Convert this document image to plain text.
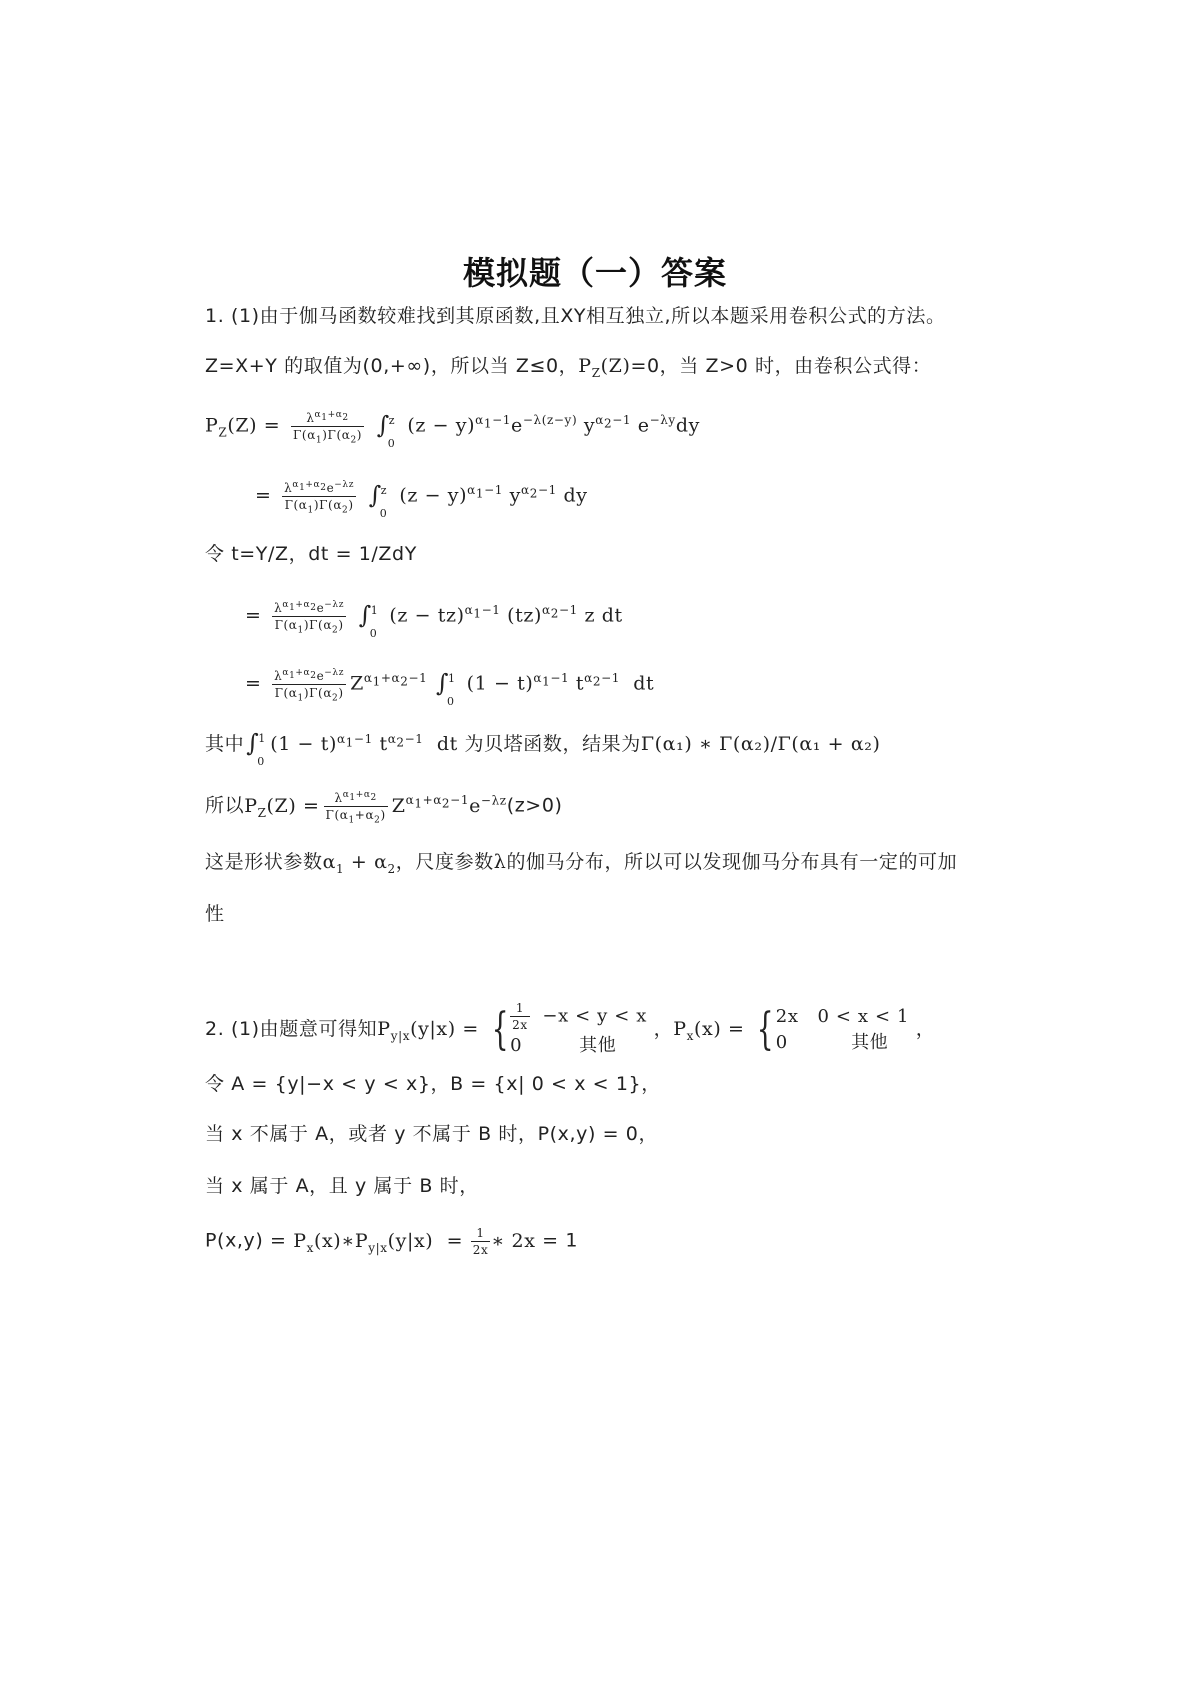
模拟题（一）答案
1. (1)由于伽马函数较难找到其原函数,且XY相互独立,所以本题采用卷积公式的方法。
Z=X+Y 的取值为(0,+∞)，所以当 Z≤0，$P_Z(Z)=0$，当 Z>0 时，由卷积公式得：
$P_Z(Z) = \frac{\lambda^{\alpha_1+\alpha_2}}{\Gamma(\alpha_1)\Gamma(\alpha_2)}$
∫
z
0
$(z - y)^{\alpha_1-1}e^{-\lambda(z-y)}$ $y^{\alpha_2-1}$ $e^{-\lambda y}dy$
= $\frac{\lambda^{\alpha_1+\alpha_2}e^{-\lambda z}}{\Gamma(\alpha_1)\Gamma(\alpha_2)}$
∫
z
0
$(z - y)^{\alpha_1-1}$ $y^{\alpha_2-1}$ dy
令 t=Y/Z，dt = 1/ZdY
= $\frac{\lambda^{\alpha_1+\alpha_2}e^{-\lambda z}}{\Gamma(\alpha_1)\Gamma(\alpha_2)}$
∫
1
0
(z − tz)$^{\alpha_1-1}$ (tz)$^{\alpha_2-1}$ z dt
= $\frac{\lambda^{\alpha_1+\alpha_2}e^{-\lambda z}}{\Gamma(\alpha_1)\Gamma(\alpha_2)} Z^{\alpha_1+\alpha_2-1}$ ∫
1
0
$(1 - t)^{\alpha_1-1}$ $t^{\alpha_2-1}$  dt
其中 ∫
1
0
$(1 - t)^{\alpha_1-1}$ $t^{\alpha_2-1}$  dt 为贝塔函数，结果为Γ(α₁) ∗ Γ(α₂)/Γ(α₁ + α₂)
所以$P_Z(Z) = \frac{\lambda^{\alpha_1+\alpha_2}}{\Gamma(\alpha_1+\alpha_2)} Z^{\alpha_1+\alpha_2-1}e^{-\lambda z}(z>0)$
这是形状参数$\alpha_1 + \alpha_2$，尺度参数λ的伽马分布，所以可以发现伽马分布具有一定的可加
性
2. (1)由题意可得知$P_{y|x}(y|x)$ = { $\frac{1}{2x} -x < y < x$
0         其他
，$P_x(x)$ = { 2x   0 < x < 1
0          其他
，
令 A = {y|−x < y < x}，B = {x| 0 < x < 1}，
当 x 不属于 A，或者 y 不属于 B 时，P(x,y) = 0，
当 x 属于 A，且 y 属于 B 时，
$P(x,y) = P_x(x)∗P_{y|x}(y|x) = \frac{1}{2x}$ ∗ 2x = 1
